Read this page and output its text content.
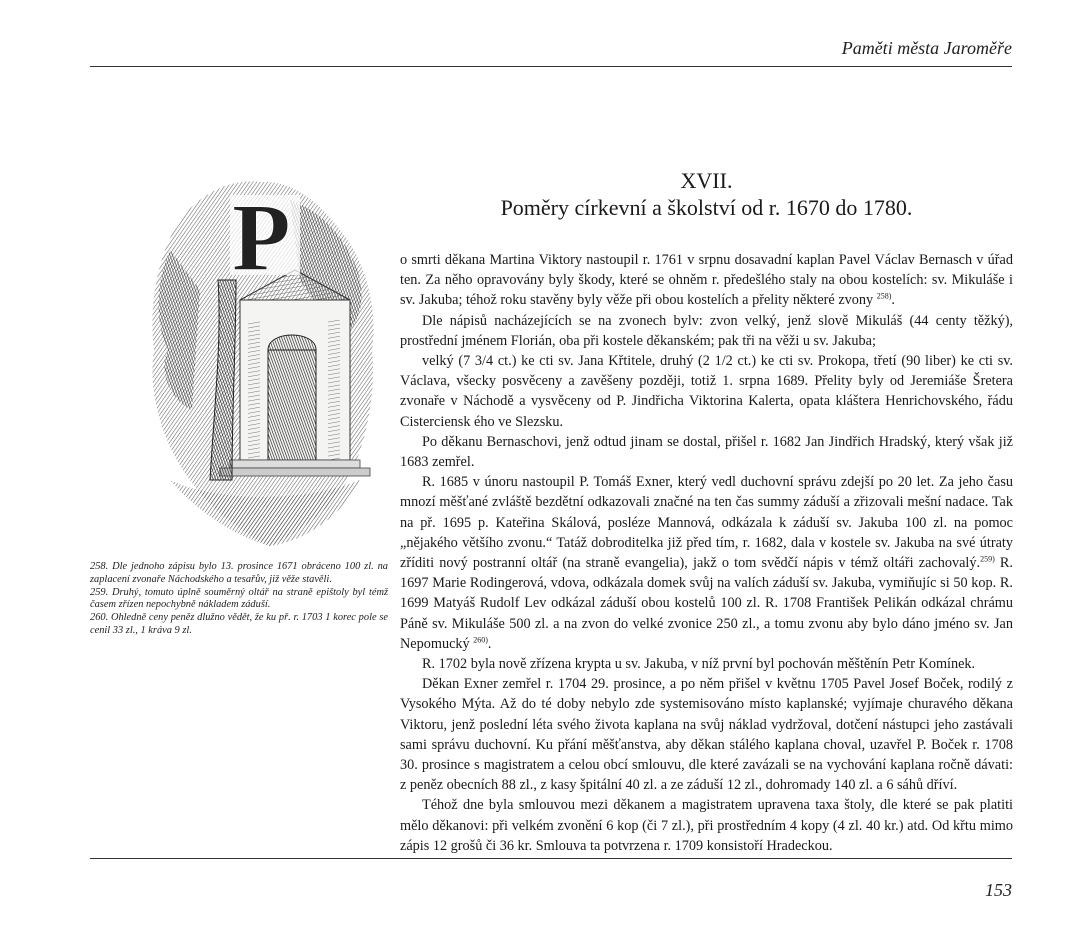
Paměti města Jaroměře
XVII.
Poměry církevní a školství od r. 1670 do 1780.
P

258. Dle jednoho zápisu bylo 13. prosince 1671 obráceno 100 zl. na zaplacení zvonaře Náchodského a tesařův, již věže stavěli.

259. Druhý, tomuto úplně souměrný oltář na straně epištoly byl témž časem zřízen nepochybně nákladem záduší.

260. Ohledně ceny peněz dlužno vědět, že ku př. r. 1703 1 korec pole se cenil 33 zl., 1 kráva 9 zl.

o smrti děkana Martina Viktory nastoupil r. 1761 v srpnu dosavadní kaplan Pavel Václav Bernasch v úřad ten. Za něho opravovány byly škody, které se ohněm r. předešlého staly na obou kostelích: sv. Mikuláše i sv. Jakuba; téhož roku stavěny byly věže při obou kostelích a přelity některé zvony $^{258)}$.

Dle nápisů nacházejících se na zvonech bylv: zvon velký, jenž slově Mikuláš (44 centy těžký), prostřední jménem Florián, oba při kostele děkanském; pak tři na věži u sv. Jakuba;

velký (7 3/4 ct.) ke cti sv. Jana Křtitele, druhý (2 1/2 ct.) ke cti sv. Prokopa, třetí (90 liber) ke cti sv. Václava, všecky posvěceny a zavěšeny později, totiž 1. srpna 1689. Přelity byly od Jeremiáše Šretera zvonaře v Náchodě a vysvěceny od P. Jindřicha Viktorina Kalerta, opata kláštera Henrichovského, řádu Cisterciensk ého ve Slezsku.

Po děkanu Bernaschovi, jenž odtud jinam se dostal, přišel r. 1682 Jan Jindřich Hradský, který však již 1683 zemřel.

R. 1685 v únoru nastoupil P. Tomáš Exner, který vedl duchovní správu zdejší po 20 let. Za jeho času mnozí měšťané zvláště bezdětní odkazovali značné na ten čas summy záduší a zřizovali mešní nadace. Tak na př. 1695 p. Kateřina Skálová, posléze Mannová, odkázala k záduší sv. Jakuba 100 zl. na pomoc „nějakého většího zvonu.“ Tatáž dobroditelka již před tím, r. 1682, dala v kostele sv. Jakuba na své útraty zříditi nový postranní oltář (na straně evangelia), jakž o tom svědčí nápis v témž oltáři zachovalý.$^{259)}$ R. 1697 Marie Rodingerová, vdova, odkázala domek svůj na valích záduší sv. Jakuba, vymiňujíc si 50 kop. R. 1699 Matyáš Rudolf Lev odkázal záduší obou kostelů 100 zl. R. 1708 František Pelikán odkázal chrámu Páně sv. Mikuláše 500 zl. a na zvon do velké zvonice 250 zl., a tomu zvonu aby bylo dáno jméno sv. Jan Nepomucký $^{260)}$.

R. 1702 byla nově zřízena krypta u sv. Jakuba, v níž první byl pochován měštěnín Petr Komínek.

Děkan Exner zemřel r. 1704 29. prosince, a po něm přišel v květnu 1705 Pavel Josef Boček, rodilý z Vysokého Mýta. Až do té doby nebylo zde systemisováno místo kaplanské; vyjímaje churavého děkana Viktoru, jenž poslední léta svého života kaplana na svůj náklad vydržoval, dotčení nástupci jeho zastávali sami správu duchovní. Ku přání měšťanstva, aby děkan stálého kaplana choval, uzavřel P. Boček r. 1708 30. prosince s magistratem a celou obcí smlouvu, dle které zavázali se na vychování kaplana ročně dávati: z peněz obecních 88 zl., z kasy špitální 40 zl. a ze záduší 12 zl., dohromady 140 zl. a 6 sáhů dříví.

Téhož dne byla smlouvou mezi děkanem a magistratem upravena taxa štoly, dle které se pak platiti mělo děkanovi: při velkém zvonění 6 kop (či 7 zl.), při prostředním 4 kopy (4 zl. 40 kr.) atd. Od křtu mimo zápis 12 grošů či 36 kr. Smlouva ta potvrzena r. 1709 konsistoří Hradeckou.

153
